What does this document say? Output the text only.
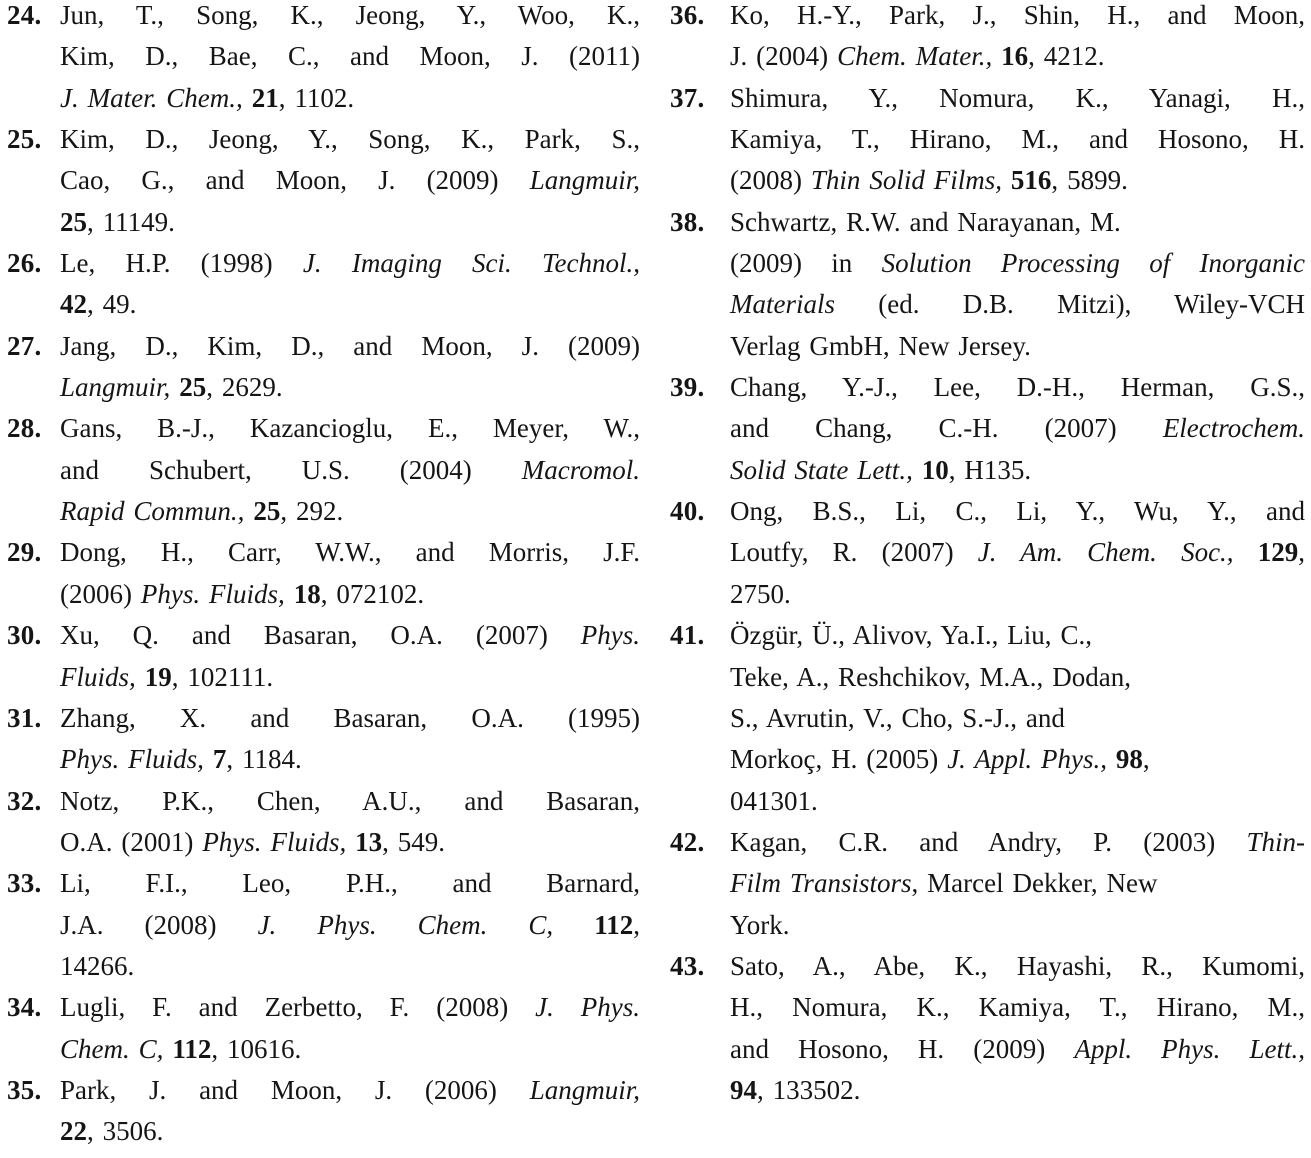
24. Jun, T., Song, K., Jeong, Y., Woo, K.,
Kim, D., Bae, C., and Moon, J. (2011)
J. Mater. Chem., 21, 1102.
25. Kim, D., Jeong, Y., Song, K., Park, S.,
Cao, G., and Moon, J. (2009) Langmuir,
25, 11149.
26. Le, H.P. (1998) J. Imaging Sci. Technol.,
42, 49.
27. Jang, D., Kim, D., and Moon, J. (2009)
Langmuir, 25, 2629.
28. Gans, B.-J., Kazancioglu, E., Meyer, W.,
and Schubert, U.S. (2004) Macromol.
Rapid Commun., 25, 292.
29. Dong, H., Carr, W.W., and Morris, J.F.
(2006) Phys. Fluids, 18, 072102.
30. Xu, Q. and Basaran, O.A. (2007) Phys.
Fluids, 19, 102111.
31. Zhang, X. and Basaran, O.A. (1995)
Phys. Fluids, 7, 1184.
32. Notz, P.K., Chen, A.U., and Basaran,
O.A. (2001) Phys. Fluids, 13, 549.
33. Li, F.I., Leo, P.H., and Barnard,
J.A. (2008) J. Phys. Chem. C, 112,
14266.
34. Lugli, F. and Zerbetto, F. (2008) J. Phys.
Chem. C, 112, 10616.
35. Park, J. and Moon, J. (2006) Langmuir,
22, 3506.
36. Ko, H.-Y., Park, J., Shin, H., and Moon,
J. (2004) Chem. Mater., 16, 4212.
37. Shimura, Y., Nomura, K., Yanagi, H.,
Kamiya, T., Hirano, M., and Hosono, H.
(2008) Thin Solid Films, 516, 5899.
38. Schwartz, R.W. and Narayanan, M.
(2009) in Solution Processing of Inorganic
Materials (ed. D.B. Mitzi), Wiley-VCH
Verlag GmbH, New Jersey.
39. Chang, Y.-J., Lee, D.-H., Herman, G.S.,
and Chang, C.-H. (2007) Electrochem.
Solid State Lett., 10, H135.
40. Ong, B.S., Li, C., Li, Y., Wu, Y., and
Loutfy, R. (2007) J. Am. Chem. Soc., 129,
2750.
41. Özgür, Ü., Alivov, Ya.I., Liu, C.,
Teke, A., Reshchikov, M.A., Dodan,
S., Avrutin, V., Cho, S.-J., and
Morkoç, H. (2005) J. Appl. Phys., 98,
041301.
42. Kagan, C.R. and Andry, P. (2003) Thin-
Film Transistors, Marcel Dekker, New
York.
43. Sato, A., Abe, K., Hayashi, R., Kumomi,
H., Nomura, K., Kamiya, T., Hirano, M.,
and Hosono, H. (2009) Appl. Phys. Lett.,
94, 133502.
